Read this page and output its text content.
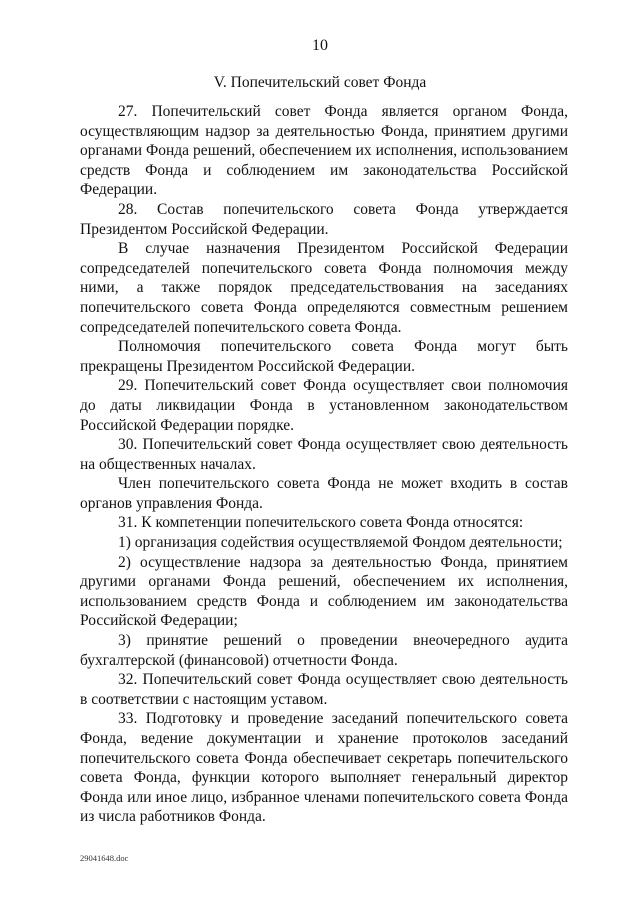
10
V. Попечительский совет Фонда

27. Попечительский совет Фонда является органом Фонда, осуществляющим надзор за деятельностью Фонда, принятием другими органами Фонда решений, обеспечением их исполнения, использованием средств Фонда и соблюдением им законодательства Российской Федерации.

28. Состав попечительского совета Фонда утверждается Президентом Российской Федерации.

В случае назначения Президентом Российской Федерации сопредседателей попечительского совета Фонда полномочия между ними, а также порядок председательствования на заседаниях попечительского совета Фонда определяются совместным решением сопредседателей попечительского совета Фонда.

Полномочия попечительского совета Фонда могут быть прекращены Президентом Российской Федерации.

29. Попечительский совет Фонда осуществляет свои полномочия до даты ликвидации Фонда в установленном законодательством Российской Федерации порядке.

30. Попечительский совет Фонда осуществляет свою деятельность на общественных началах.

Член попечительского совета Фонда не может входить в состав органов управления Фонда.

31. К компетенции попечительского совета Фонда относятся:

1) организация содействия осуществляемой Фондом деятельности;

2) осуществление надзора за деятельностью Фонда, принятием другими органами Фонда решений, обеспечением их исполнения, использованием средств Фонда и соблюдением им законодательства Российской Федерации;

3) принятие решений о проведении внеочередного аудита бухгалтерской (финансовой) отчетности Фонда.

32. Попечительский совет Фонда осуществляет свою деятельность в соответствии с настоящим уставом.

33. Подготовку и проведение заседаний попечительского совета Фонда, ведение документации и хранение протоколов заседаний попечительского совета Фонда обеспечивает секретарь попечительского совета Фонда, функции которого выполняет генеральный директор Фонда или иное лицо, избранное членами попечительского совета Фонда из числа работников Фонда.

29041648.doc
